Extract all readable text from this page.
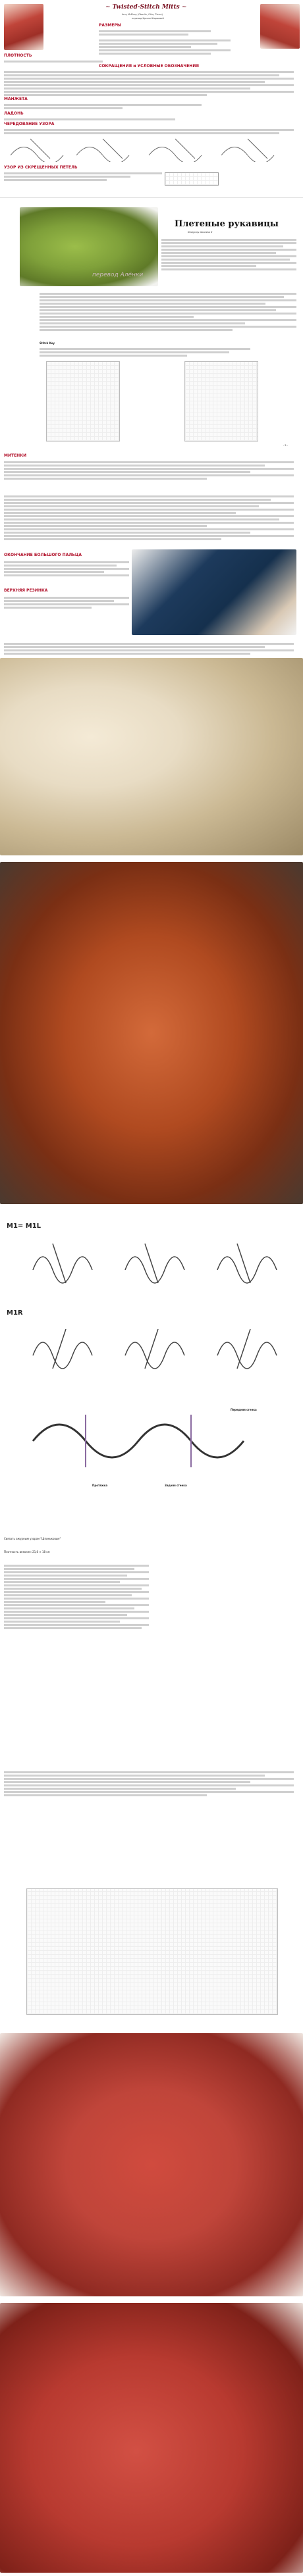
~ Twisted-Stitch Mitts ~
Amy McElroy (Oberlin, Ohio, Tierra)
перевод Ирины Шараевой
РАЗМЕРЫ
ПЛОТНОСТЬ
СОКРАЩЕНИЯ и УСЛОВНЫЕ ОБОЗНАЧЕНИЯ
МАНЖЕТА
ЛАДОНЬ
ЧЕРЕДОВАНИЕ УЗОРА
УЗОР ИЗ СКРЕЩЕННЫХ ПЕТЕЛЬ
Плетеные рукавицы
Design by Annesha K
перевод Алёнки
Stitch Key
- 5 -
МИТЕНКИ
ОКОНЧАНИЕ БОЛЬШОГО ПАЛЬЦА
ВЕРХНЯЯ РЕЗИНКА
M1= M1L
M1R
Протяжка	Задняя стенка
Передняя стенка
Связать ажурным узором "Шпиньковые"
Плотность вязания: 21,6 × 18 см
